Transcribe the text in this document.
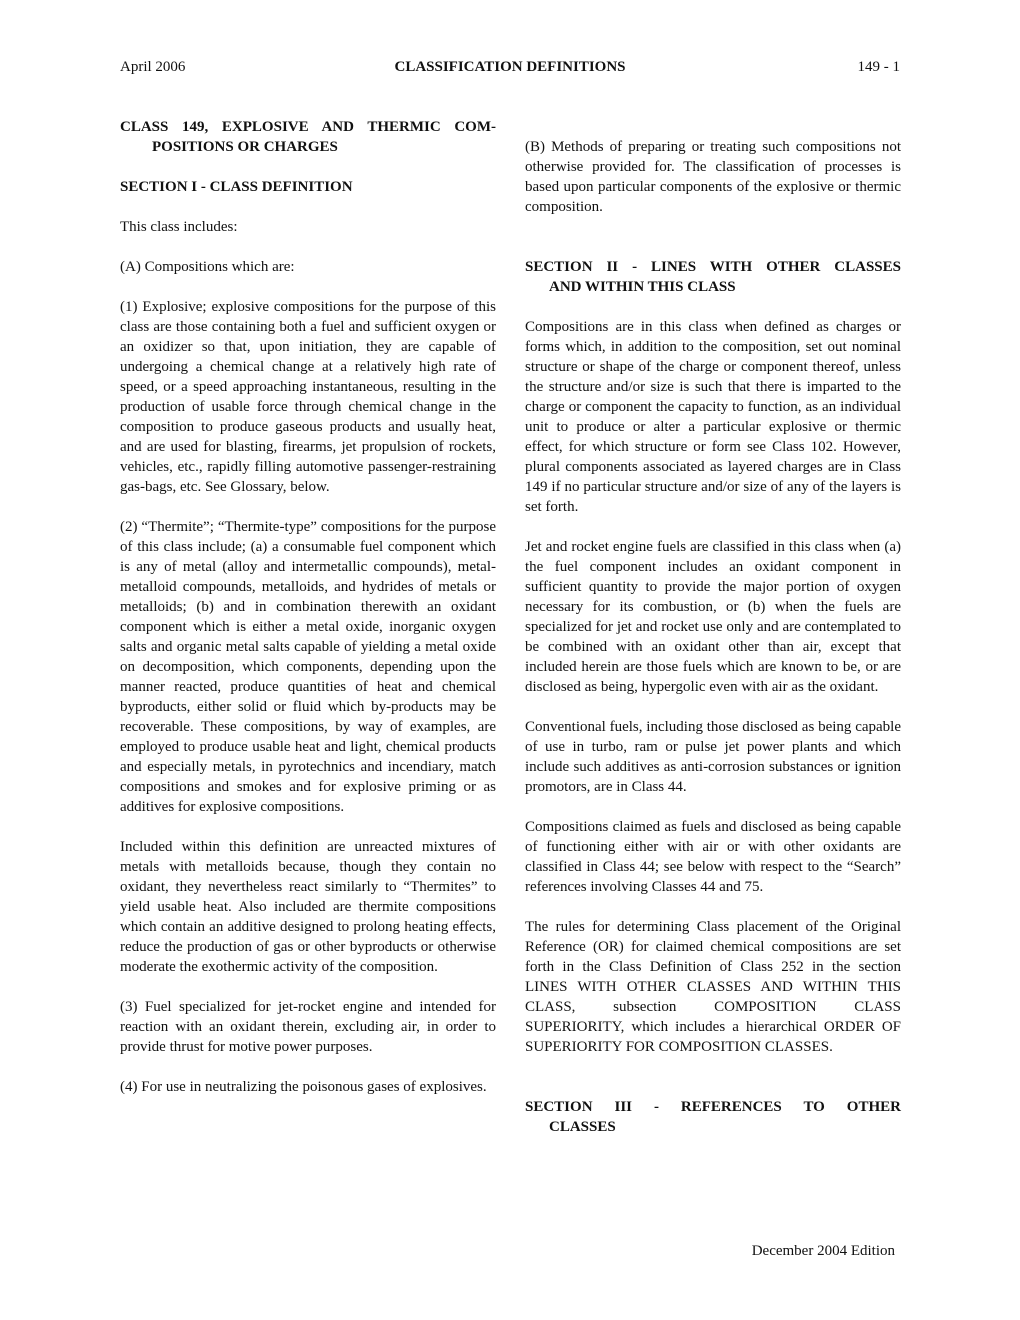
April 2006	CLASSIFICATION DEFINITIONS	149 - 1
CLASS 149, EXPLOSIVE AND THERMIC COM-
POSITIONS OR CHARGES

SECTION I - CLASS DEFINITION

This class includes:

(A) Compositions which are:

(1) Explosive; explosive compositions for the purpose of this class are those containing both a fuel and sufficient oxygen or an oxidizer so that, upon initiation, they are capable of undergoing a chemical change at a relatively high rate of speed, or a speed approaching instantaneous, resulting in the production of usable force through chemical change in the composition to produce gaseous products and usually heat, and are used for blasting, firearms, jet propulsion of rockets, vehicles, etc., rapidly filling automotive passenger-restraining gas-bags, etc. See Glossary, below.

(2) “Thermite”; “Thermite-type” compositions for the purpose of this class include; (a) a consumable fuel component which is any of metal (alloy and intermetallic compounds), metal-metalloid compounds, metalloids, and hydrides of metals or metalloids; (b) and in combination therewith an oxidant component which is either a metal oxide, inorganic oxygen salts and organic metal salts capable of yielding a metal oxide on decomposition, which components, depending upon the manner reacted, produce quantities of heat and chemical byproducts, either solid or fluid which by-products may be recoverable. These compositions, by way of examples, are employed to produce usable heat and light, chemical products and especially metals, in pyrotechnics and incendiary, match compositions and smokes and for explosive priming or as additives for explosive compositions.

Included within this definition are unreacted mixtures of metals with metalloids because, though they contain no oxidant, they nevertheless react similarly to “Thermites” to yield usable heat. Also included are thermite compositions which contain an additive designed to prolong heating effects, reduce the production of gas or other byproducts or otherwise moderate the exothermic activity of the composition.

(3) Fuel specialized for jet-rocket engine and intended for reaction with an oxidant therein, excluding air, in order to provide thrust for motive power purposes.

(4) For use in neutralizing the poisonous gases of explosives.

(B) Methods of preparing or treating such compositions not otherwise provided for. The classification of processes is based upon particular components of the explosive or thermic composition.

SECTION II - LINES WITH OTHER CLASSES
AND WITHIN THIS CLASS

Compositions are in this class when defined as charges or forms which, in addition to the composition, set out nominal structure or shape of the charge or component thereof, unless the structure and/or size is such that there is imparted to the charge or component the capacity to function, as an individual unit to produce or alter a particular explosive or thermic effect, for which structure or form see Class 102. However, plural components associated as layered charges are in Class 149 if no particular structure and/or size of any of the layers is set forth.

Jet and rocket engine fuels are classified in this class when (a) the fuel component includes an oxidant component in sufficient quantity to provide the major portion of oxygen necessary for its combustion, or (b) when the fuels are specialized for jet and rocket use only and are contemplated to be combined with an oxidant other than air, except that included herein are those fuels which are known to be, or are disclosed as being, hypergolic even with air as the oxidant.

Conventional fuels, including those disclosed as being capable of use in turbo, ram or pulse jet power plants and which include such additives as anti-corrosion substances or ignition promotors, are in Class 44.

Compositions claimed as fuels and disclosed as being capable of functioning either with air or with other oxidants are classified in Class 44; see below with respect to the “Search” references involving Classes 44 and 75.

The rules for determining Class placement of the Original Reference (OR) for claimed chemical compositions are set forth in the Class Definition of Class 252 in the section LINES WITH OTHER CLASSES AND WITHIN THIS CLASS, subsection COMPOSITION CLASS SUPERIORITY, which includes a hierarchical ORDER OF SUPERIORITY FOR COMPOSITION CLASSES.

SECTION III - REFERENCES TO OTHER
CLASSES
December 2004 Edition
